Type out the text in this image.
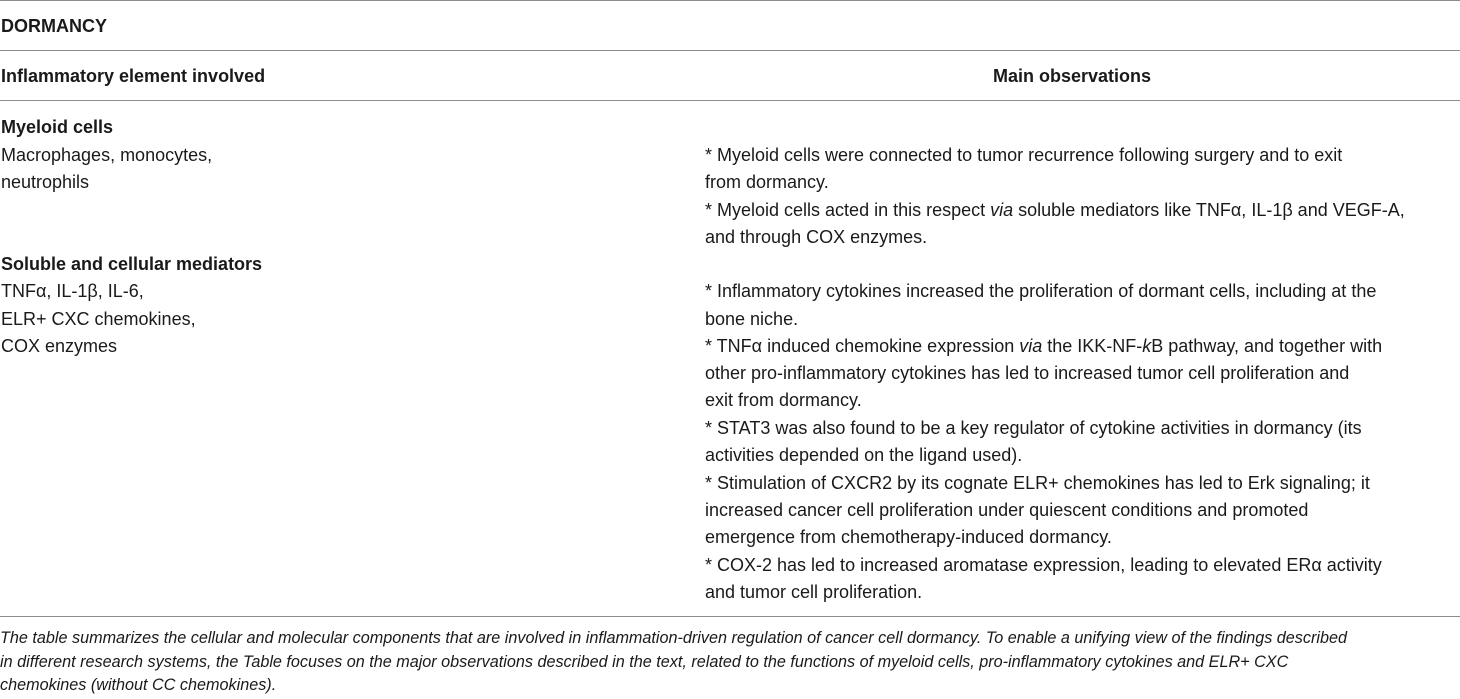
DORMANCY
Inflammatory element involved	Main observations
Myeloid cells
Macrophages, monocytes,
neutrophils
* Myeloid cells were connected to tumor recurrence following surgery and to exit
from dormancy.
* Myeloid cells acted in this respect via soluble mediators like TNFα, IL-1β and VEGF-A,
and through COX enzymes.
Soluble and cellular mediators
TNFα, IL-1β, IL-6,
ELR+ CXC chemokines,
COX enzymes
* Inflammatory cytokines increased the proliferation of dormant cells, including at the
bone niche.
* TNFα induced chemokine expression via the IKK-NF-kB pathway, and together with
other pro-inflammatory cytokines has led to increased tumor cell proliferation and
exit from dormancy.
* STAT3 was also found to be a key regulator of cytokine activities in dormancy (its
activities depended on the ligand used).
* Stimulation of CXCR2 by its cognate ELR+ chemokines has led to Erk signaling; it
increased cancer cell proliferation under quiescent conditions and promoted
emergence from chemotherapy-induced dormancy.
* COX-2 has led to increased aromatase expression, leading to elevated ERα activity
and tumor cell proliferation.
The table summarizes the cellular and molecular components that are involved in inflammation-driven regulation of cancer cell dormancy. To enable a unifying view of the findings described
in different research systems, the Table focuses on the major observations described in the text, related to the functions of myeloid cells, pro-inflammatory cytokines and ELR+ CXC
chemokines (without CC chemokines).
